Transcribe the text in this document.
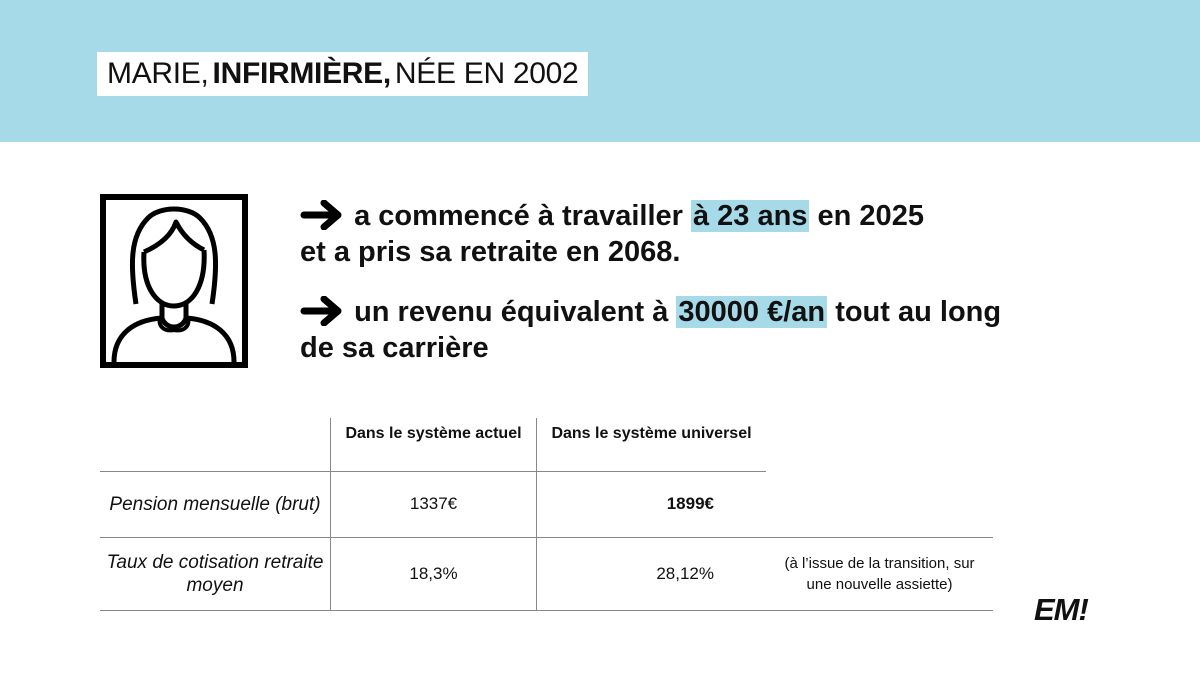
MARIE, INFIRMIÈRE, NÉE EN 2002
a commencé à travailler à 23 ans en 2025
et a pris sa retraite en 2068.
un revenu équivalent à 30000 €/an tout au long
de sa carrière
	Dans le système actuel	Dans le système universel	
Pension mensuelle (brut)	1337€	1899€	
Taux de cotisation retraite moyen	18,3%	28,12%	(à l’issue de la transition, sur une nouvelle assiette)
EM!
